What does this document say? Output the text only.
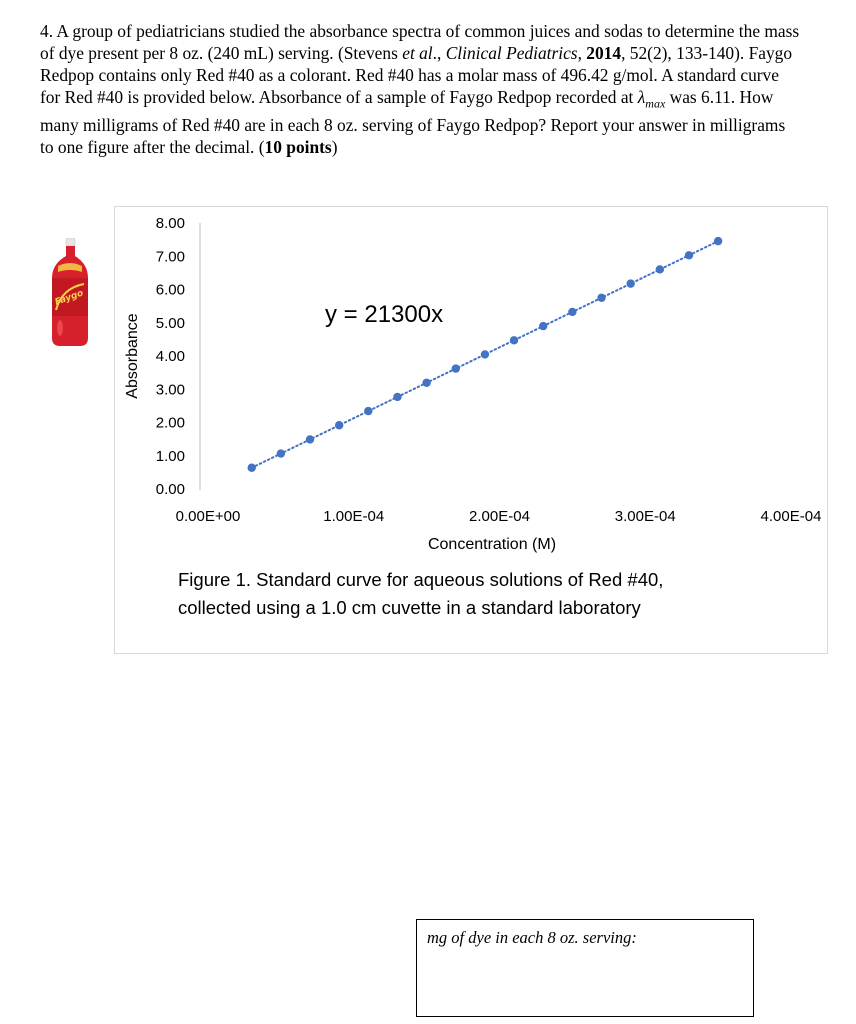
4. A group of pediatricians studied the absorbance spectra of common juices and sodas to determine the mass of dye present per 8 oz. (240 mL) serving. (Stevens et al., Clinical Pediatrics, 2014, 52(2), 133-140). Faygo Redpop contains only Red #40 as a colorant. Red #40 has a molar mass of 496.42 g/mol. A standard curve for Red #40 is provided below. Absorbance of a sample of Faygo Redpop recorded at $\lambda_{max}$ was 6.11. How many milligrams of Red #40 are in each 8 oz. serving of Faygo Redpop? Report your answer in milligrams to one figure after the decimal. (10 points)
Faygo
0.00
1.00
2.00
3.00
4.00
5.00
6.00
7.00
8.00
0.00E+00	1.00E-04	2.00E-04	3.00E-04	4.00E-04
y = 21300x
Absorbance
Concentration (M)
Figure 1. Standard curve for aqueous solutions of Red #40,
collected using a 1.0 cm cuvette in a standard laboratory
mg of dye in each 8 oz. serving:
